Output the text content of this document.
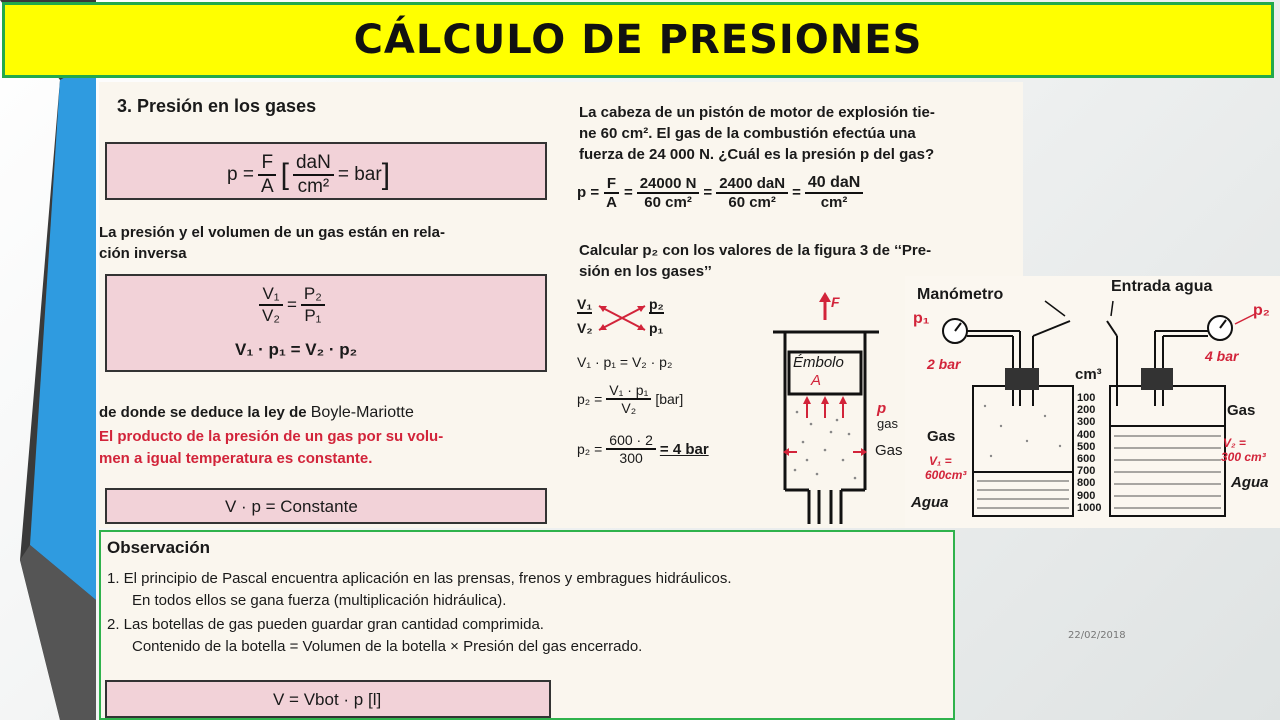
CÁLCULO DE PRESIONES
3. Presión en los gases
$p = \frac{F}{A}$ [ $\frac{\text{daN}}{\text{cm²}}$ = bar ]
La presión y el volumen de un gas están en rela-
ción inversa
$\frac{\text{V₁}}{\text{V₂}} = \frac{\text{P₂}}{\text{P₁}}$
V₁ · p₁ = V₂ · p₂
de donde se deduce la ley de Boyle-Mariotte
El producto de la presión de un gas por su volu-
men a igual temperatura es constante.
V · p = Constante
La cabeza de un pistón de motor de explosión tie-
ne 60 cm². El gas de la combustión efectúa una
fuerza de 24 000 N. ¿Cuál es la presión p del gas?
$p = \frac{F}{A} = \frac{24000 N}{\text{60 cm²}} = \frac{\text{2400 daN}}{\text{60 cm²}} = \frac{\text{40 daN}}{\text{cm²}}$
Calcular p₂ con los valores de la figura 3 de ‘‘Pre-
sión en los gases’’
V₁
V₂
p₂
p₁
V₁ · p₁ = V₂ · p₂
$p_2 = \frac{\text{V₁ · p₁}}{\text{V₂}} [bar]$
$p_2 = \frac{600 \cdot 2}{300} = 4$ bar
F
Émbolo
A
p
gas
Gas
Manómetro	Entrada agua
p₁	p₂
2 bar	4 bar
cm³
100
200
300
400
500
600
700
800
900
1000
Gas
Gas
V₁ =
600cm³
V₂ =
300 cm³
Agua
Agua
Observación
1. El principio de Pascal encuentra aplicación en las prensas, frenos y embragues hidráulicos.
En todos ellos se gana fuerza (multiplicación hidráulica).
2. Las botellas de gas pueden guardar gran cantidad comprimida.
Contenido de la botella = Volumen de la botella × Presión del gas encerrado.
V = Vbot · p [l]
22/02/2018
